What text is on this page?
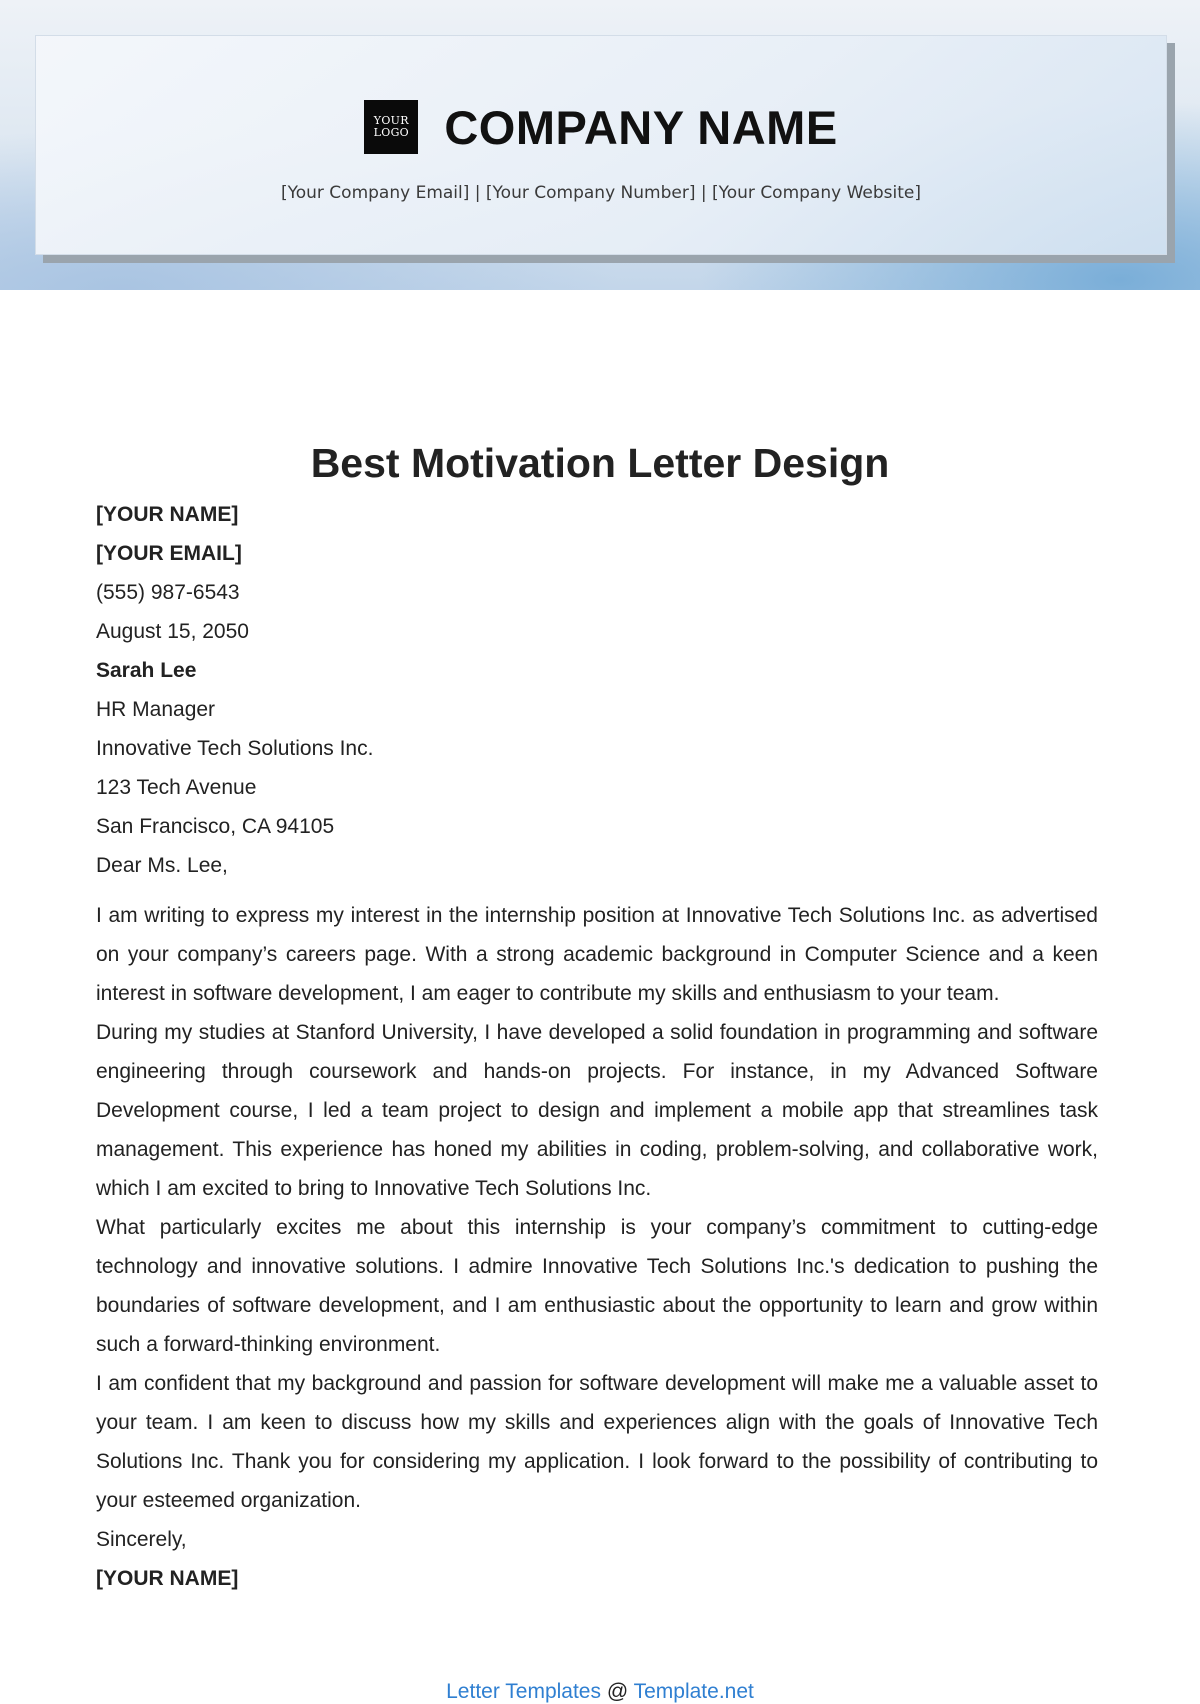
YOUR
LOGO COMPANY NAME
[Your Company Email] | [Your Company Number] | [Your Company Website]
Best Motivation Letter Design
[YOUR NAME]
[YOUR EMAIL]
(555) 987-6543
August 15, 2050
Sarah Lee
HR Manager
Innovative Tech Solutions Inc.
123 Tech Avenue
San Francisco, CA 94105
Dear Ms. Lee,

I am writing to express my interest in the internship position at Innovative Tech Solutions Inc. as advertised on your company’s careers page. With a strong academic background in Computer Science and a keen interest in software development, I am eager to contribute my skills and enthusiasm to your team.

During my studies at Stanford University, I have developed a solid foundation in programming and software engineering through coursework and hands-on projects. For instance, in my Advanced Software Development course, I led a team project to design and implement a mobile app that streamlines task management. This experience has honed my abilities in coding, problem-solving, and collaborative work, which I am excited to bring to Innovative Tech Solutions Inc.

What particularly excites me about this internship is your company’s commitment to cutting-edge technology and innovative solutions. I admire Innovative Tech Solutions Inc.'s dedication to pushing the boundaries of software development, and I am enthusiastic about the opportunity to learn and grow within such a forward-thinking environment.

I am confident that my background and passion for software development will make me a valuable asset to your team. I am keen to discuss how my skills and experiences align with the goals of Innovative Tech Solutions Inc. Thank you for considering my application. I look forward to the possibility of contributing to your esteemed organization.

Sincerely,
[YOUR NAME]
Letter Templates @ Template.net
